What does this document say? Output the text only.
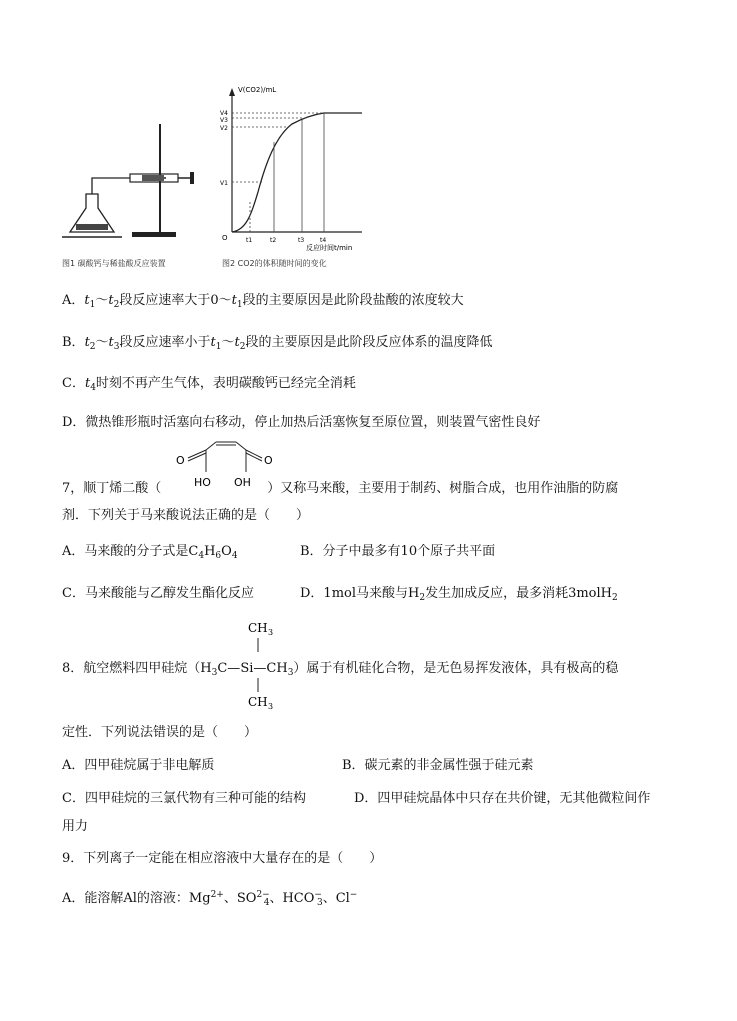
V(CO2)/mL
V4
V3
V2
V1
O	t1	t2	t3	t4
反应时间t/min
图1 碳酸钙与稀盐酸反应装置	图2 CO2的体积随时间的变化
A．$t_1\sim t_2$段反应速率大于$0\sim t_1$段的主要原因是此阶段盐酸的浓度较大
B．$t_2\sim t_3$段反应速率小于$t_1\sim t_2$段的主要原因是此阶段反应体系的温度降低
C．$t_4$时刻不再产生气体，表明碳酸钙已经完全消耗
D．微热锥形瓶时活塞向右移动，停止加热后活塞恢复至原位置，则装置气密性良好
O	O
HO OH
7，顺丁烯二酸（	）又称马来酸，主要用于制药、树脂合成，也用作油脂的防腐
剂．下列关于马来酸说法正确的是（　　）
A．马来酸的分子式是$C_4H_6O_4$	B．分子中最多有10个原子共平面
C．马来酸能与乙醇发生酯化反应	D．1mol马来酸与$H_2$发生加成反应，最多消耗3molH$_2$
CH 3
CH 3
8．航空燃料四甲硅烷$(H_3C—Si—CH_3)$属于有机硅化合物，是无色易挥发液体，具有极高的稳
定性．下列说法错误的是（　　）
A．四甲硅烷属于非电解质	B．碳元素的非金属性强于硅元素
C．四甲硅烷的三氯代物有三种可能的结构	D．四甲硅烷晶体中只存在共价键，无其他微粒间作
用力
9．下列离子一定能在相应溶液中大量存在的是（　　）
A．能溶解Al的溶液：$Mg^{2+}$、$SO^{2-}_4$、$HCO^-_3$、Cl−
